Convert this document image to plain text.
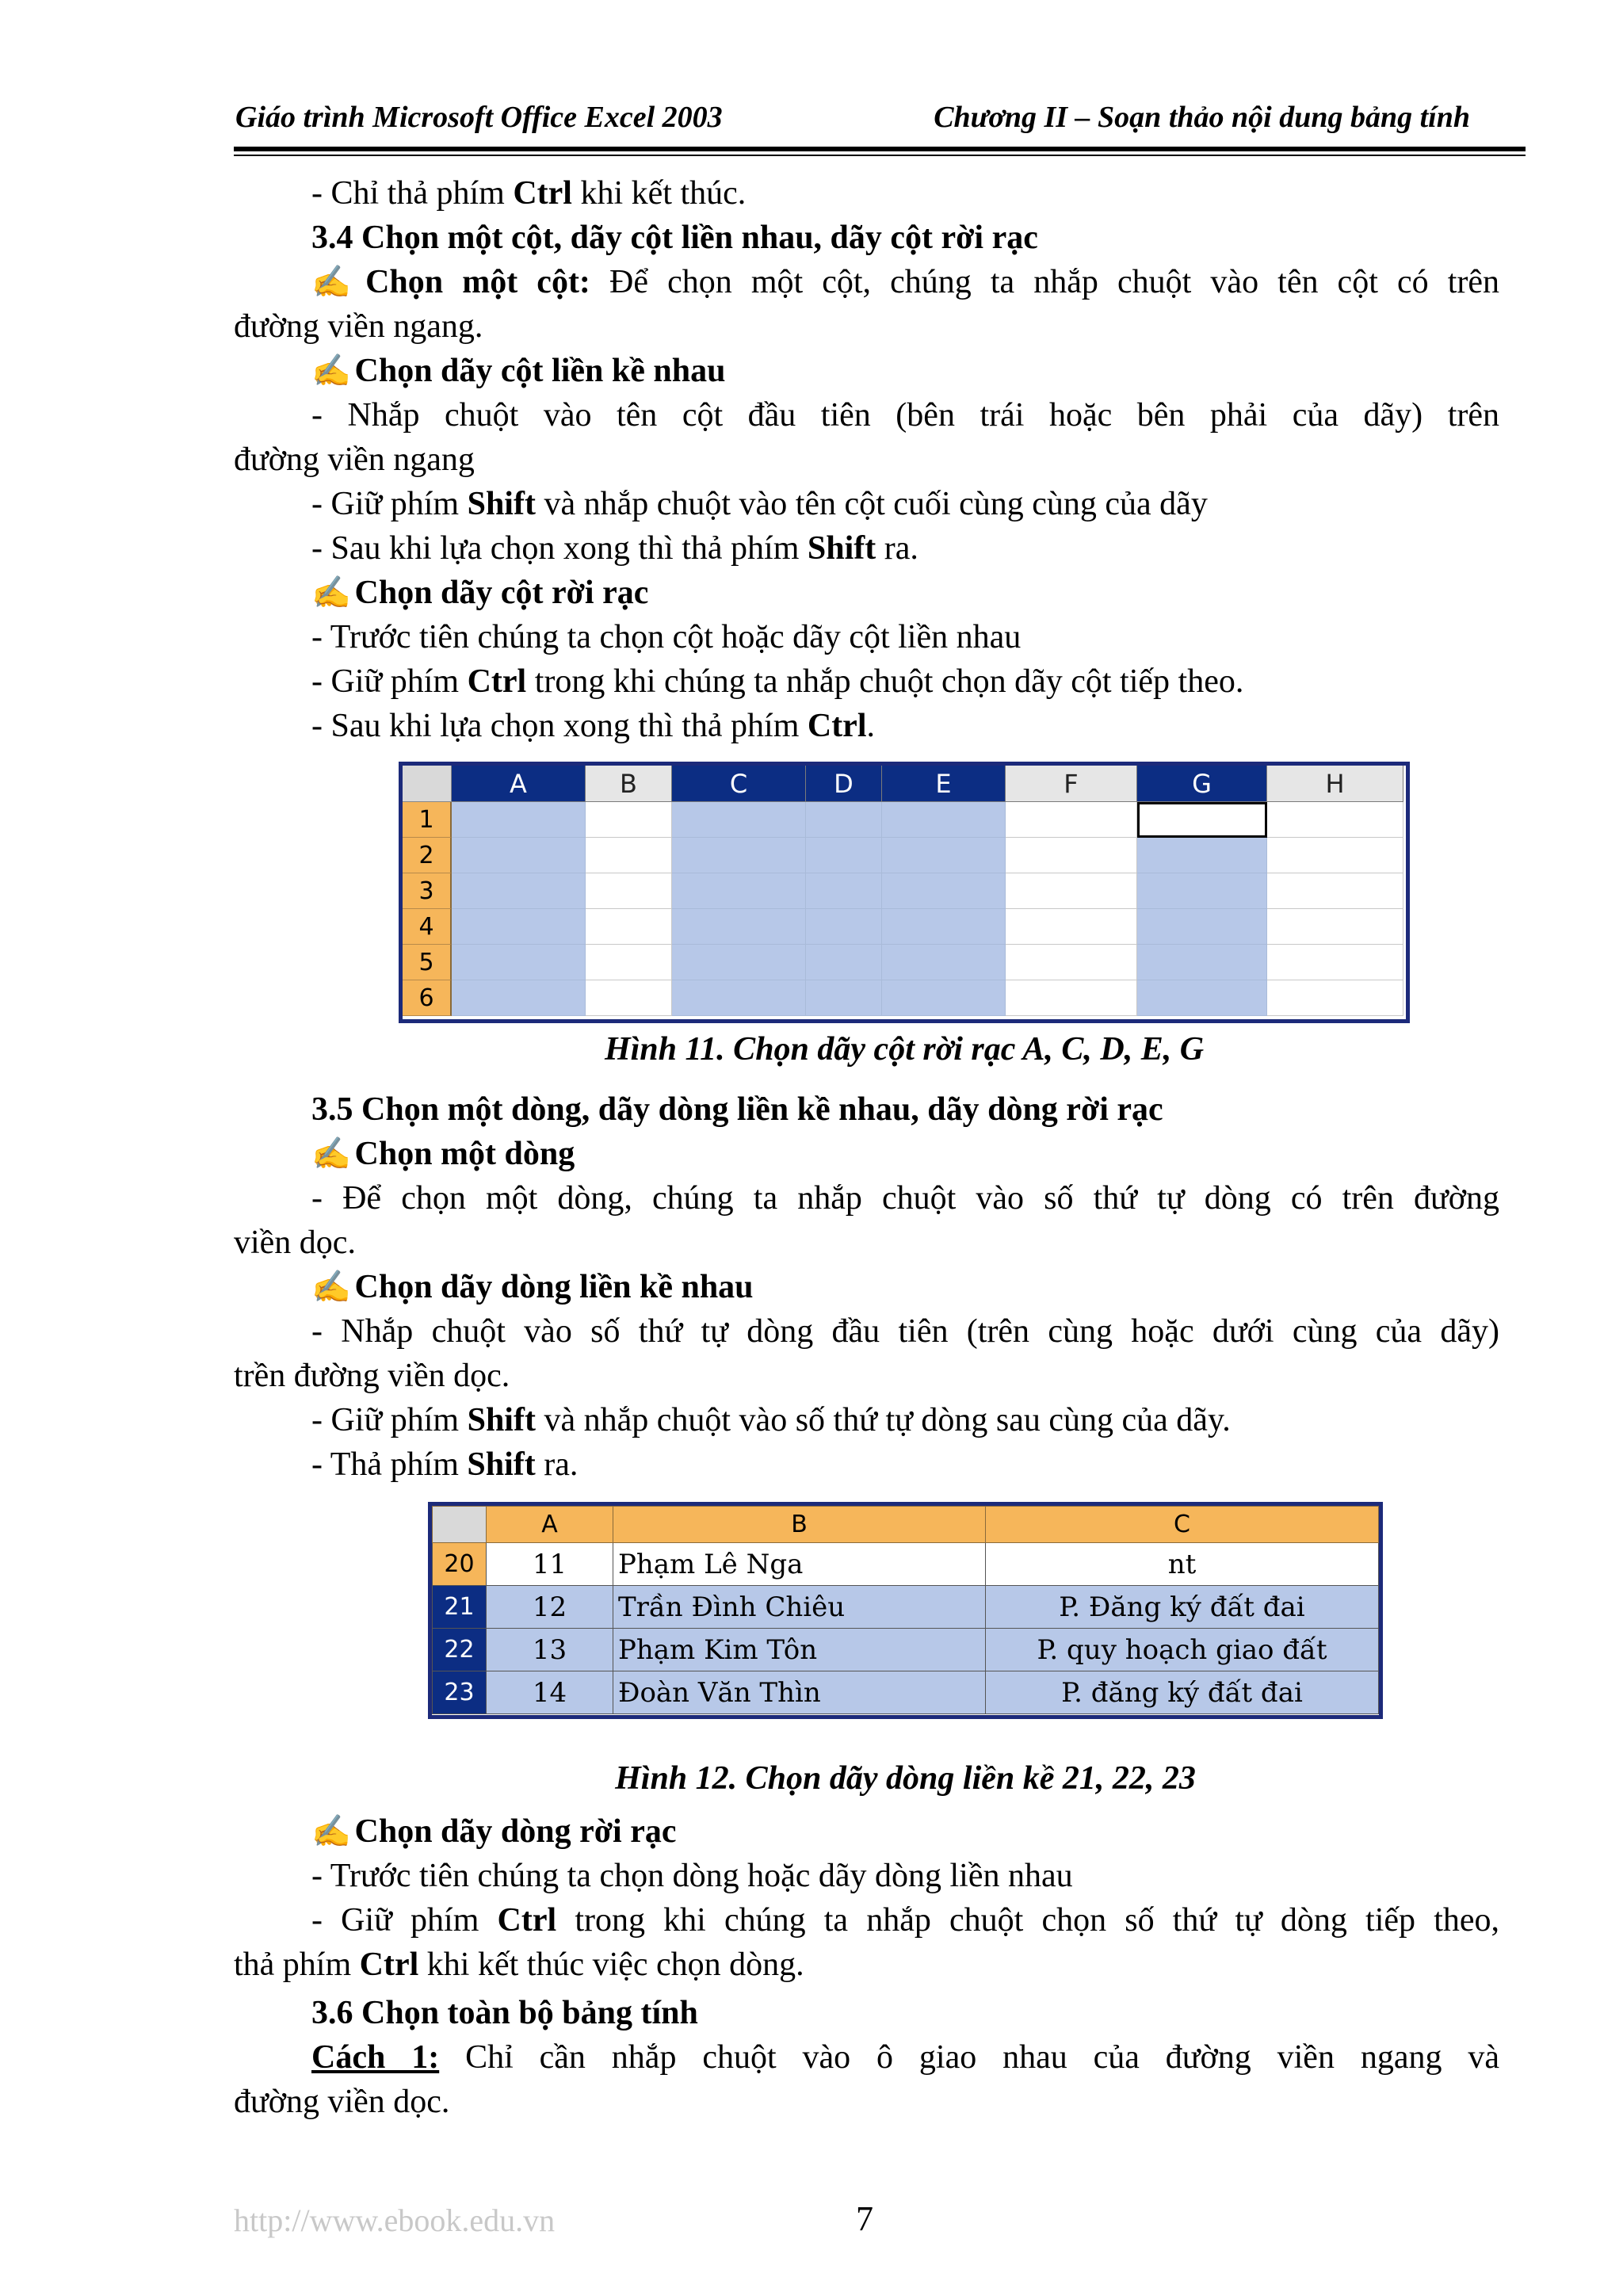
Giáo trình Microsoft Office Excel 2003	Chương II – Soạn thảo nội dung bảng tính
- Chỉ thả phím Ctrl khi kết thúc.
3.4 Chọn một cột, dãy cột liền nhau, dãy cột rời rạc
✍ Chọn một cột: Để chọn một cột, chúng ta nhắp chuột vào tên cột có trên
đường viền ngang.
✍ Chọn dãy cột liền kề nhau
- Nhắp chuột vào tên cột đầu tiên (bên trái hoặc bên phải của dãy) trên
đường viền ngang
- Giữ phím Shift và nhắp chuột vào tên cột cuối cùng cùng của dãy
- Sau khi lựa chọn xong thì thả phím Shift ra.
✍ Chọn dãy cột rời rạc
- Trước tiên chúng ta chọn cột hoặc dãy cột liền nhau
- Giữ phím Ctrl trong khi chúng ta nhắp chuột chọn dãy cột tiếp theo.
- Sau khi lựa chọn xong thì thả phím Ctrl.
A	B	C	D	E	F	G	H
1
2
3
4
5
6
Hình 11. Chọn dãy cột rời rạc A, C, D, E, G
3.5 Chọn một dòng, dãy dòng liền kề nhau, dãy dòng rời rạc
✍ Chọn một dòng
- Để chọn một dòng, chúng ta nhắp chuột vào số thứ tự dòng có trên đường
viền dọc.
✍ Chọn dãy dòng liền kề nhau
- Nhắp chuột vào số thứ tự dòng đầu tiên (trên cùng hoặc dưới cùng của dãy)
trền đường viền dọc.
- Giữ phím Shift và nhắp chuột vào số thứ tự dòng sau cùng của dãy.
- Thả phím Shift ra.
	A	B	C
20	11	Phạm Lê Nga	nt
21	12	Trần Đình Chiêu	P. Đăng ký đất đai
22	13	Phạm Kim Tôn	P. quy hoạch giao đất
23	14	Đoàn Văn Thìn	P. đăng ký đất đai
Hình 12. Chọn dãy dòng liền kề 21, 22, 23
✍ Chọn dãy dòng rời rạc
- Trước tiên chúng ta chọn dòng hoặc dãy dòng liền nhau
- Giữ phím Ctrl trong khi chúng ta nhắp chuột chọn số thứ tự dòng tiếp theo,
thả phím Ctrl khi kết thúc việc chọn dòng.
3.6 Chọn toàn bộ bảng tính
Cách 1: Chỉ cần nhắp chuột vào ô giao nhau của đường viền ngang và
đường viền dọc.
http://www.ebook.edu.vn	7
